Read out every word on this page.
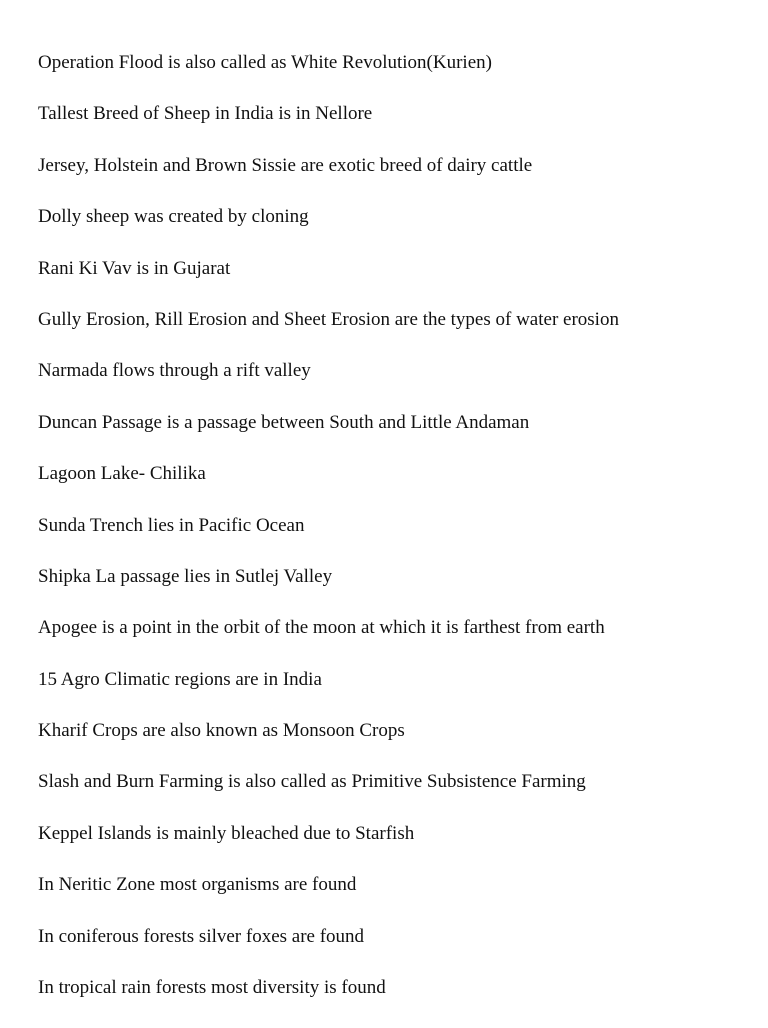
Operation Flood is also called as White Revolution(Kurien)
Tallest Breed of Sheep in India is in Nellore
Jersey, Holstein and Brown Sissie are exotic breed of dairy cattle
Dolly sheep was created by cloning
Rani Ki Vav is in Gujarat
Gully Erosion, Rill Erosion and Sheet Erosion are the types of water erosion
Narmada flows through a rift valley
Duncan Passage is a passage between South and Little Andaman
Lagoon Lake- Chilika
Sunda Trench lies in Pacific Ocean
Shipka La passage lies in Sutlej Valley
Apogee is a point in the orbit of the moon at which it is farthest from earth
15 Agro Climatic regions are in India
Kharif Crops are also known as Monsoon Crops
Slash and Burn Farming is also called as Primitive Subsistence Farming
Keppel Islands is mainly bleached due to Starfish
In Neritic Zone most organisms are found
In coniferous forests silver foxes are found
In tropical rain forests most diversity is found
